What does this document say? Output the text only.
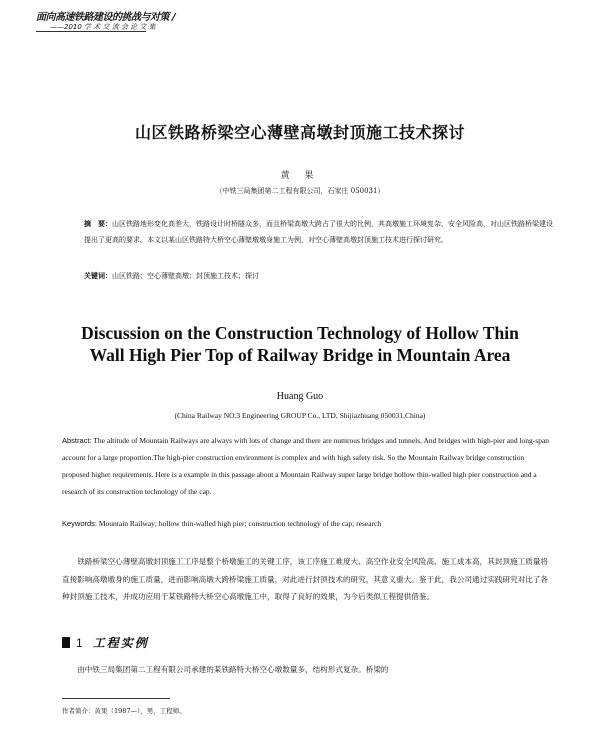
面向高速铁路建设的挑战与对策 /
——2010 学 术 交 流 会 论 文 集
山区铁路桥梁空心薄壁高墩封顶施工技术探讨
黄 果
（中铁三局集团第二工程有限公司，石家庄 050031）
摘　要：山区铁路地形变化高差大，铁路设计时桥隧众多，而且桥梁高墩大跨占了很大的比例，其高墩施工环境复杂、安全风险高，对山区铁路桥梁建设提出了更高的要求。本文以某山区铁路特大桥空心薄壁墩墩身施工为例，对空心薄壁高墩封顶施工技术进行探讨研究。
关键词：山区铁路；空心薄壁高墩；封顶施工技术；探讨
Discussion on the Construction Technology of Hollow Thin
Wall High Pier Top of Railway Bridge in Mountain Area
Huang Guo
(China Railway NO.3 Engineering GROUP Co., LTD, Shijiazhuang 050031,China)
Abstract: The altitude of Mountain Railways are always with lots of change and there are numrous bridges and tunnels. And bridges with high-pier and long-span account for a large proportion.The high-pier construction environment is complex and with high safety risk. So the Mountain Railway bridge construction proposed higher requirements. Here is a example in this passage about a Mountain Railway super large bridge hollow thin-walled high pier construction and a research of its construction technology of the cap.
Keywords: Mountain Railway; hollow thin-walled high pier; construction technology of the cap; research
铁路桥梁空心薄壁高墩封顶施工工序是整个桥墩施工的关键工序，该工序施工难度大、高空作业安全风险高、施工成本高，其封顶施工质量将直接影响高墩墩身的施工质量，进而影响高墩大跨桥梁施工质量，对此进行封顶技术的研究，其意义重大。鉴于此，我公司通过实践研究对比了各种封顶施工技术，并成功应用于某铁路特大桥空心高墩施工中，取得了良好的效果，为今后类似工程提供借鉴。
1 工程实例
由中铁三局集团第二工程有限公司承建的某铁路特大桥空心墩数量多，结构形式复杂。桥梁的
作者简介：黄果（1987—），男，工程师。
